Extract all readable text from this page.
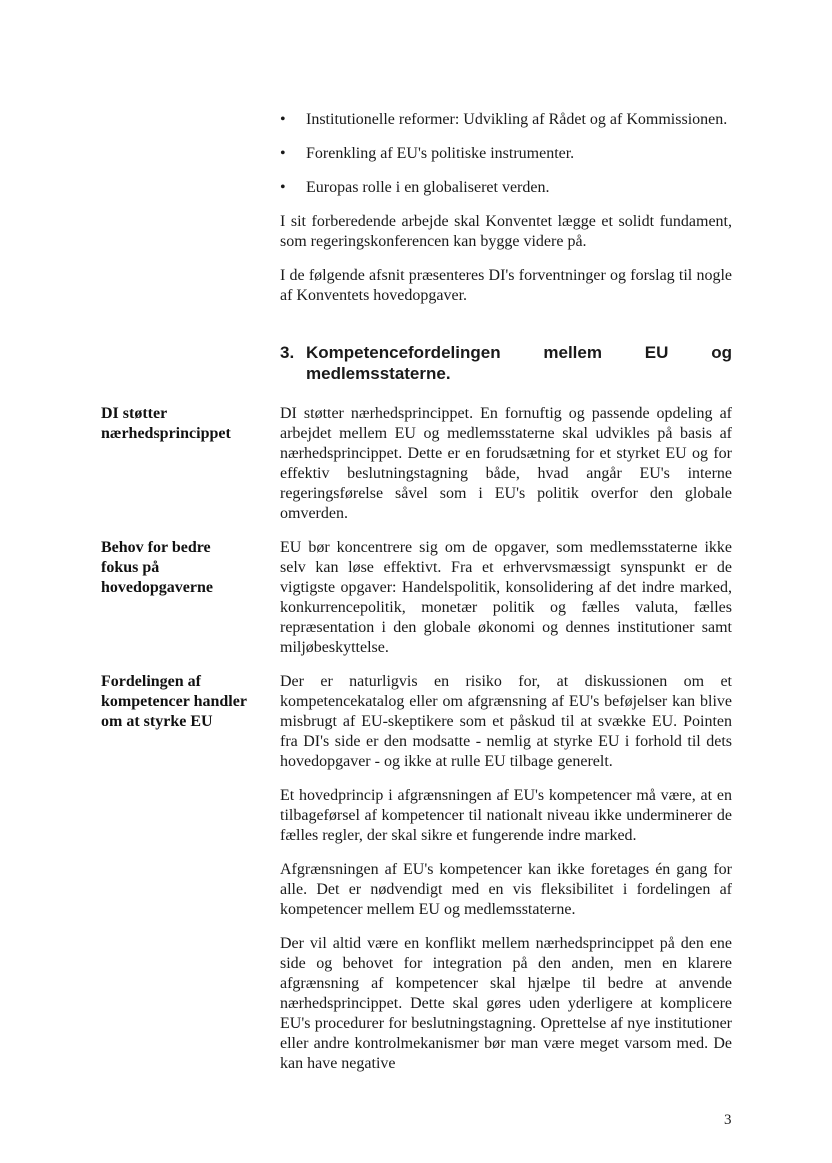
• Institutionelle reformer: Udvikling af Rådet og af Kommissionen.
• Forenkling af EU's politiske instrumenter.
• Europas rolle i en globaliseret verden.

I sit forberedende arbejde skal Konventet lægge et solidt fundament, som regeringskonferencen kan bygge videre på.

I de følgende afsnit præsenteres DI's forventninger og forslag til nogle af Konventets hovedopgaver.

3. Kompetencefordelingen mellem EU og medlemsstaterne.

DI støtter nærhedsprincippet. En fornuftig og passende opdeling af arbejdet mellem EU og medlemsstaterne skal udvikles på basis af nærhedsprincippet. Dette er en forudsætning for et styrket EU og for effektiv beslutningstagning både, hvad angår EU's interne regeringsførelse såvel som i EU's politik overfor den globale omverden.

EU bør koncentrere sig om de opgaver, som medlemsstaterne ikke selv kan løse effektivt. Fra et erhvervsmæssigt synspunkt er de vigtigste opgaver: Handelspolitik, konsolidering af det indre marked, konkurrencepolitik, monetær politik og fælles valuta, fælles repræsentation i den globale økonomi og dennes institutioner samt miljøbeskyttelse.

Der er naturligvis en risiko for, at diskussionen om et kompetencekatalog eller om afgrænsning af EU's beføjelser kan blive misbrugt af EU-skeptikere som et påskud til at svække EU. Pointen fra DI's side er den modsatte - nemlig at styrke EU i forhold til dets hovedopgaver - og ikke at rulle EU tilbage generelt.

Et hovedprincip i afgrænsningen af EU's kompetencer må være, at en tilbageførsel af kompetencer til nationalt niveau ikke underminerer de fælles regler, der skal sikre et fungerende indre marked.

Afgrænsningen af EU's kompetencer kan ikke foretages én gang for alle. Det er nødvendigt med en vis fleksibilitet i fordelingen af kompetencer mellem EU og medlemsstaterne.

Der vil altid være en konflikt mellem nærhedsprincippet på den ene side og behovet for integration på den anden, men en klarere afgrænsning af kompetencer skal hjælpe til bedre at anvende nærhedsprincippet. Dette skal gøres uden yderligere at komplicere EU's procedurer for beslutningstagning. Oprettelse af nye institutioner eller andre kontrolmekanismer bør man være meget varsom med. De kan have negative

DI støtter nærhedsprincippet
Behov for bedre fokus på hovedopgaverne
Fordelingen af kompetencer handler om at styrke EU
3
